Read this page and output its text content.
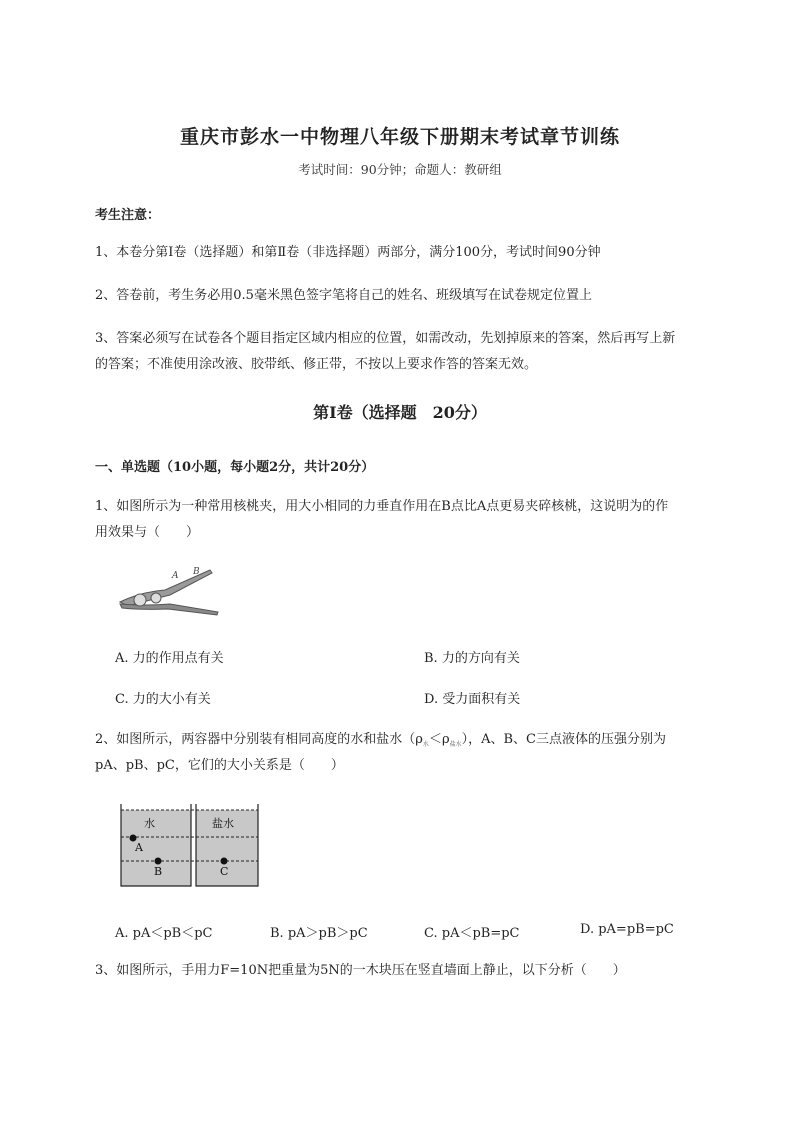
重庆市彭水一中物理八年级下册期末考试章节训练
考试时间：90分钟；命题人：教研组
考生注意：
1、本卷分第Ⅰ卷（选择题）和第Ⅱ卷（非选择题）两部分，满分100分，考试时间90分钟
2、答卷前，考生务必用0.5毫米黑色签字笔将自己的姓名、班级填写在试卷规定位置上
3、答案必须写在试卷各个题目指定区域内相应的位置，如需改动，先划掉原来的答案，然后再写上新
的答案；不准使用涂改液、胶带纸、修正带，不按以上要求作答的答案无效。
第Ⅰ卷（选择题　20分）
一、单选题（10小题，每小题2分，共计20分）
1、如图所示为一种常用核桃夹，用大小相同的力垂直作用在B点比A点更易夹碎核桃，这说明为的作
用效果与（　　）
A B
A. 力的作用点有关	B. 力的方向有关
C. 力的大小有关	D. 受力面积有关
2、如图所示，两容器中分别装有相同高度的水和盐水$(\rho_水<\rho_{盐水})$，A、B、C三点液体的压强分别为
pA、pB、pC，它们的大小关系是（　　）
水	盐水
A
B	C
A. pA＜pB＜pC	B. pA＞pB＞pC	C. pA＜pB=pC	D. pA=pB=pC
3、如图所示，手用力F=10N把重量为5N的一木块压在竖直墙面上静止，以下分析（　　）
